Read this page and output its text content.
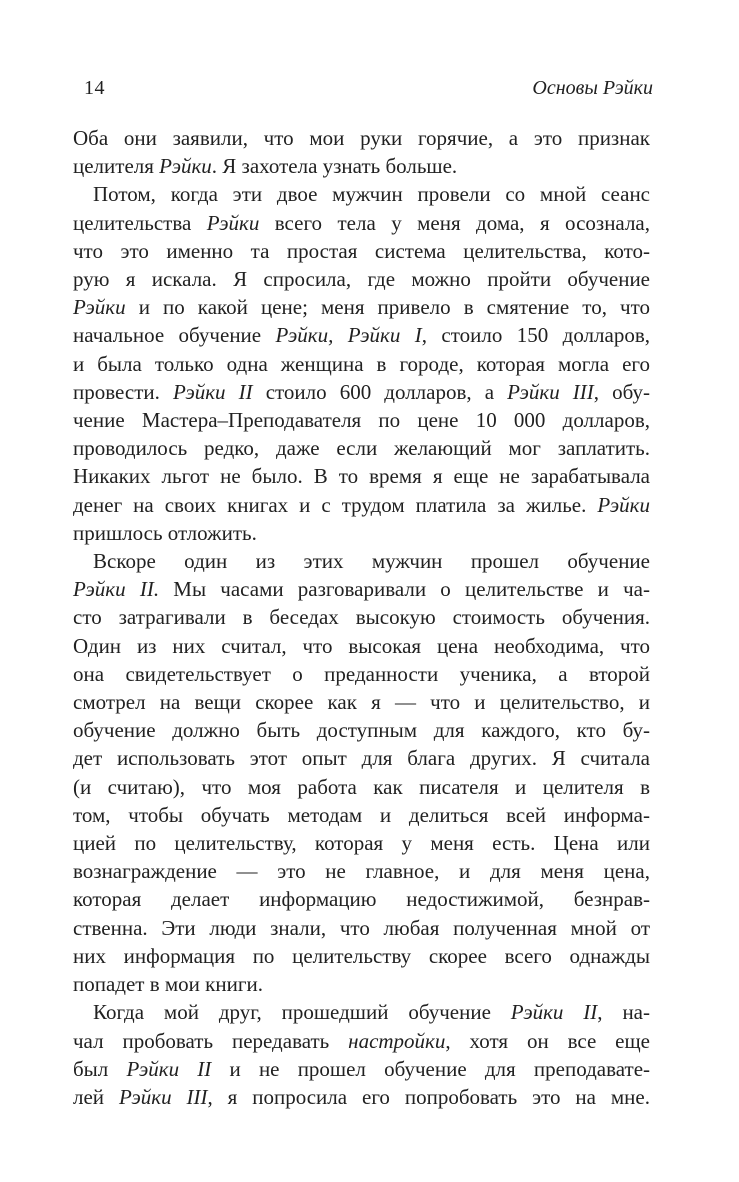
14	Основы Рэйки
Оба они заявили, что мои руки горячие, а это признак
целителя Рэйки. Я захотела узнать больше.
Потом, когда эти двое мужчин провели со мной сеанс
целительства Рэйки всего тела у меня дома, я осознала,
что это именно та простая система целительства, кото-
рую я искала. Я спросила, где можно пройти обучение
Рэйки и по какой цене; меня привело в смятение то, что
начальное обучение Рэйки, Рэйки I, стоило 150 долларов,
и была только одна женщина в городе, которая могла его
провести. Рэйки II стоило 600 долларов, а Рэйки III, обу-
чение Мастера–Преподавателя по цене 10 000 долларов,
проводилось редко, даже если желающий мог заплатить.
Никаких льгот не было. В то время я еще не зарабатывала
денег на своих книгах и с трудом платила за жилье. Рэйки
пришлось отложить.
Вскоре один из этих мужчин прошел обучение
Рэйки II. Мы часами разговаривали о целительстве и ча-
сто затрагивали в беседах высокую стоимость обучения.
Один из них считал, что высокая цена необходима, что
она свидетельствует о преданности ученика, а второй
смотрел на вещи скорее как я — что и целительство, и
обучение должно быть доступным для каждого, кто бу-
дет использовать этот опыт для блага других. Я считала
(и считаю), что моя работа как писателя и целителя в
том, чтобы обучать методам и делиться всей информа-
цией по целительству, которая у меня есть. Цена или
вознаграждение — это не главное, и для меня цена,
которая делает информацию недостижимой, безнрав-
ственна. Эти люди знали, что любая полученная мной от
них информация по целительству скорее всего однажды
попадет в мои книги.
Когда мой друг, прошедший обучение Рэйки II, на-
чал пробовать передавать настройки, хотя он все еще
был Рэйки II и не прошел обучение для преподавате-
лей Рэйки III, я попросила его попробовать это на мне.
